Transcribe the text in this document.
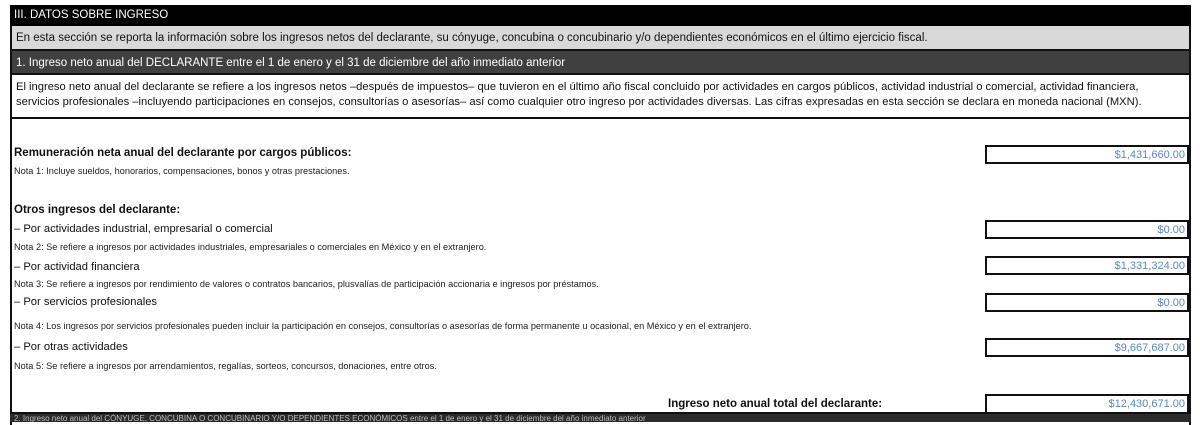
III. DATOS SOBRE INGRESO
En esta sección se reporta la información sobre los ingresos netos del declarante, su cónyuge, concubina o concubinario y/o dependientes económicos en el último ejercicio fiscal.
1. Ingreso neto anual del DECLARANTE entre el 1 de enero y el 31 de diciembre del año inmediato anterior
El ingreso neto anual del declarante se refiere a los ingresos netos –después de impuestos– que tuvieron en el último año fiscal concluido por actividades en cargos públicos, actividad industrial o comercial, actividad financiera,
servicios profesionales –incluyendo participaciones en consejos, consultorías o asesorías– así como cualquier otro ingreso por actividades diversas. Las cifras expresadas en esta sección se declara en moneda nacional (MXN).
Remuneración neta anual del declarante por cargos públicos:	$1,431,660.00
Nota 1: Incluye sueldos, honorarios, compensaciones, bonos y otras prestaciones.
Otros ingresos del declarante:
– Por actividades industrial, empresarial o comercial	$0.00
Nota 2: Se refiere a ingresos por actividades industriales, empresariales o comerciales en México y en el extranjero.
– Por actividad financiera	$1,331,324.00
Nota 3: Se refiere a ingresos por rendimiento de valores o contratos bancarios, plusvalías de participación accionaria e ingresos por préstamos.
– Por servicios profesionales	$0.00
Nota 4: Los ingresos por servicios profesionales pueden incluir la participación en consejos, consultorías o asesorías de forma permanente u ocasional, en México y en el extranjero.
– Por otras actividades	$9,667,687.00
Nota 5: Se refiere a ingresos por arrendamientos, regalías, sorteos, concursos, donaciones, entre otros.
Ingreso neto anual total del declarante:	$12,430,671.00
2. Ingreso neto anual del CÓNYUGE, CONCUBINA O CONCUBINARIO Y/O DEPENDIENTES ECONÓMICOS entre el 1 de enero y el 31 de diciembre del año inmediato anterior
